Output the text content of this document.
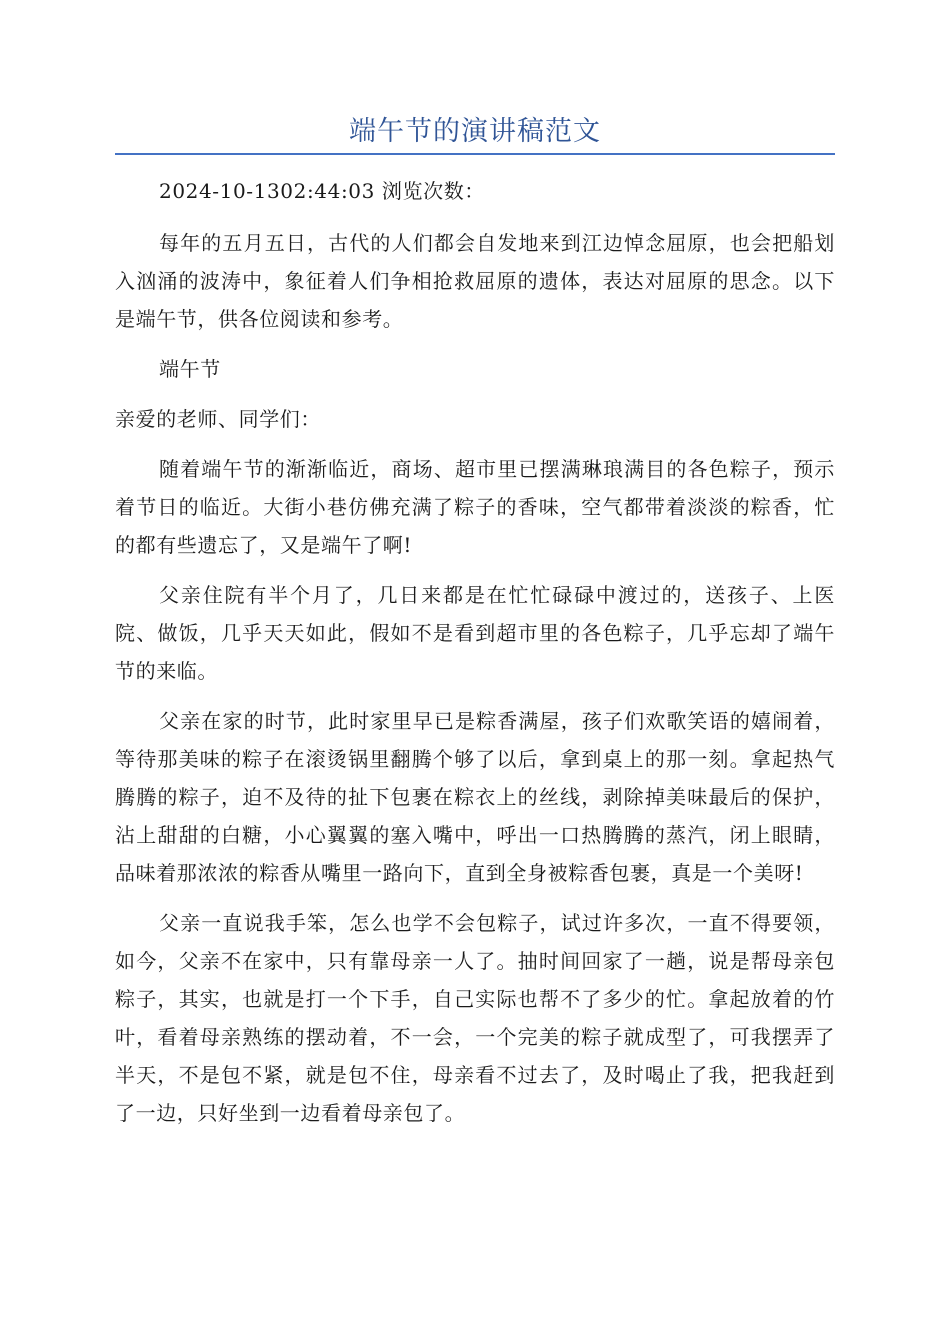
端午节的演讲稿范文

2024-10-1302:44:03 浏览次数：

每年的五月五日，古代的人们都会自发地来到江边悼念屈原，也会把船划入汹涌的波涛中，象征着人们争相抢救屈原的遗体，表达对屈原的思念。以下是端午节，供各位阅读和参考。

端午节

亲爱的老师、同学们：

随着端午节的渐渐临近，商场、超市里已摆满琳琅满目的各色粽子，预示着节日的临近。大街小巷仿佛充满了粽子的香味，空气都带着淡淡的粽香，忙的都有些遗忘了，又是端午了啊!

父亲住院有半个月了，几日来都是在忙忙碌碌中渡过的，送孩子、上医院、做饭，几乎天天如此，假如不是看到超市里的各色粽子，几乎忘却了端午节的来临。

父亲在家的时节，此时家里早已是粽香满屋，孩子们欢歌笑语的嬉闹着，等待那美味的粽子在滚烫锅里翻腾个够了以后，拿到桌上的那一刻。拿起热气腾腾的粽子，迫不及待的扯下包裹在粽衣上的丝线，剥除掉美味最后的保护，沾上甜甜的白糖，小心翼翼的塞入嘴中，呼出一口热腾腾的蒸汽，闭上眼睛，品味着那浓浓的粽香从嘴里一路向下，直到全身被粽香包裹，真是一个美呀!

父亲一直说我手笨，怎么也学不会包粽子，试过许多次，一直不得要领，如今，父亲不在家中，只有靠母亲一人了。抽时间回家了一趟，说是帮母亲包粽子，其实，也就是打一个下手，自己实际也帮不了多少的忙。拿起放着的竹叶，看着母亲熟练的摆动着，不一会，一个完美的粽子就成型了，可我摆弄了半天，不是包不紧，就是包不住，母亲看不过去了，及时喝止了我，把我赶到了一边，只好坐到一边看着母亲包了。
